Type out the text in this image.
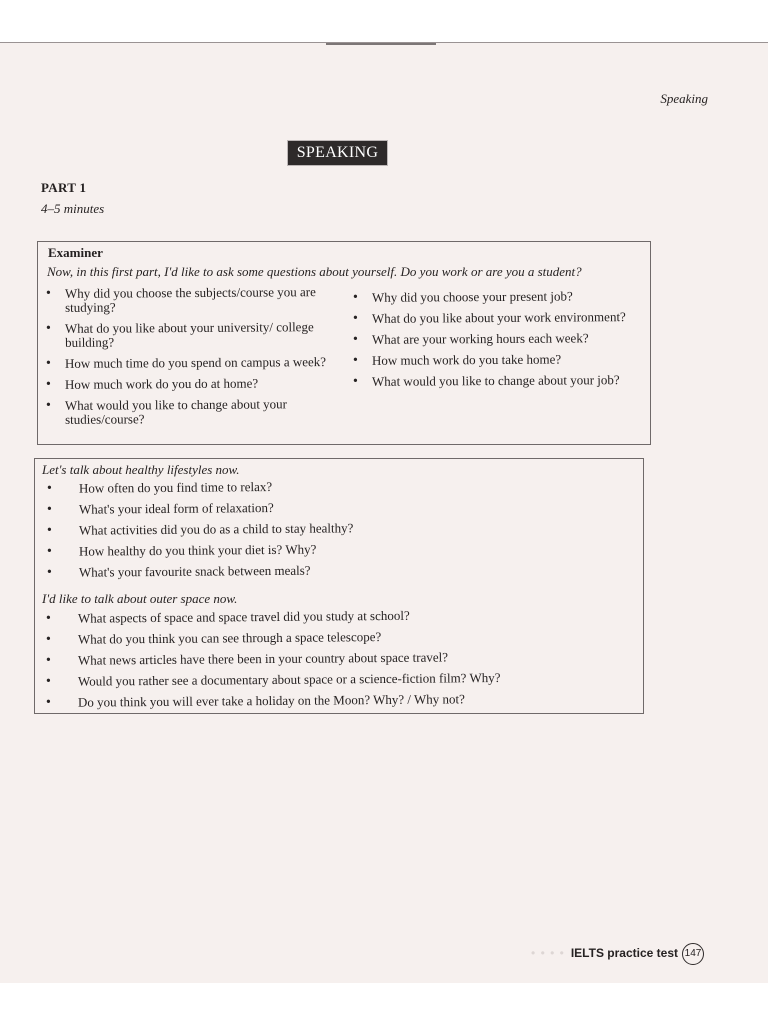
Speaking
SPEAKING
PART 1
4–5 minutes
Examiner
Now, in this first part, I'd like to ask some questions about yourself. Do you work or are you a student?
• Why did you choose the subjects/course you are studying?
• What do you like about your university/ college building?
• How much time do you spend on campus a week?
• How much work do you do at home?
• What would you like to change about your studies/course?
• Why did you choose your present job?
• What do you like about your work environment?
• What are your working hours each week?
• How much work do you take home?
• What would you like to change about your job?
Let's talk about healthy lifestyles now.
• How often do you find time to relax?
• What's your ideal form of relaxation?
• What activities did you do as a child to stay healthy?
• How healthy do you think your diet is? Why?
• What's your favourite snack between meals?
I'd like to talk about outer space now.
• What aspects of space and space travel did you study at school?
• What do you think you can see through a space telescope?
• What news articles have there been in your country about space travel?
• Would you rather see a documentary about space or a science-fiction film? Why?
• Do you think you will ever take a holiday on the Moon? Why? / Why not?
• • • • IELTS practice test 147
